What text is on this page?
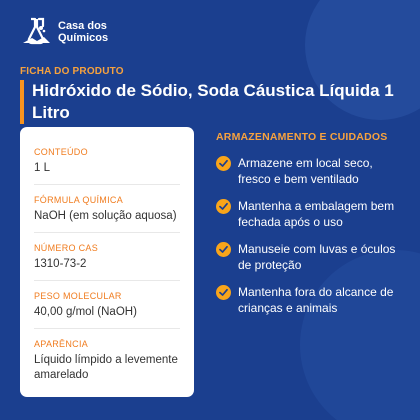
Casa dos
Químicos
FICHA DO PRODUTO
Hidróxido de Sódio, Soda Cáustica Líquida 1 Litro
CONTEÚDO
1 L
FÓRMULA QUÍMICA
NaOH (em solução aquosa)
NÚMERO CAS
1310-73-2
PESO MOLECULAR
40,00 g/mol (NaOH)
APARÊNCIA
Líquido límpido a levemente amarelado
ARMAZENAMENTO E CUIDADOS
Armazene em local seco, fresco e bem ventilado
Mantenha a embalagem bem fechada após o uso
Manuseie com luvas e óculos de proteção
Mantenha fora do alcance de crianças e animais
